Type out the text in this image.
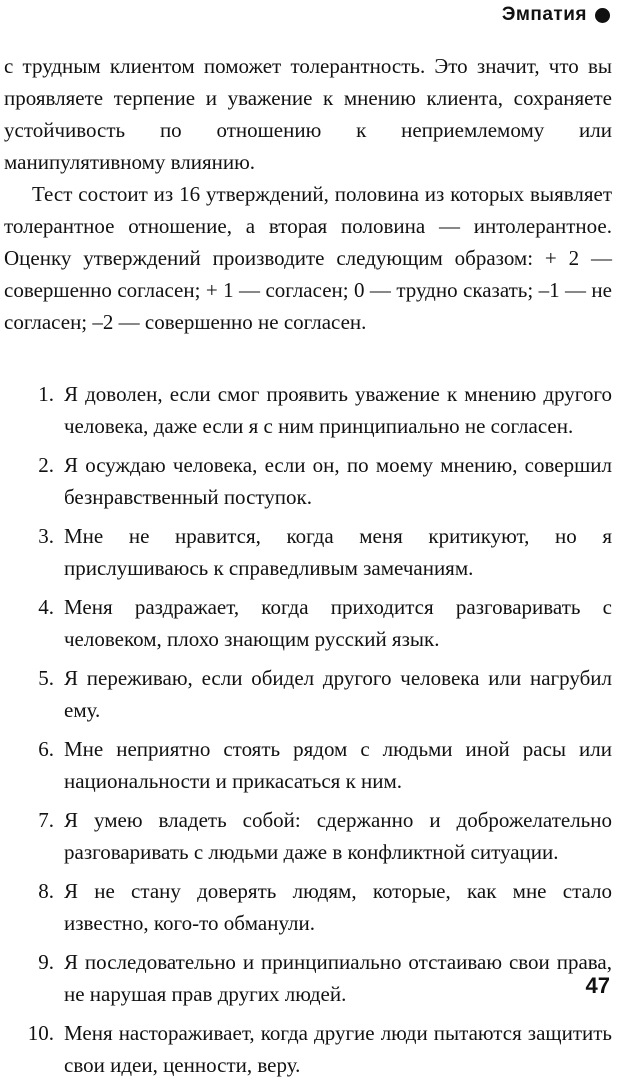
Эмпатия

с трудным клиентом поможет толерантность. Это значит, что вы проявляете терпение и уважение к мнению клиента, сохраняете устойчивость по отношению к неприемлемому или манипулятивному влиянию.

Тест состоит из 16 утверждений, половина из которых выявляет толерантное отношение, а вторая половина — интолерантное. Оценку утверждений производите следующим образом: + 2 — совершенно согласен; + 1 — согласен; 0 — трудно сказать; –1 — не согласен; –2 — совершенно не согласен.

1. Я доволен, если смог проявить уважение к мнению другого человека, даже если я с ним принципиально не согласен.
2. Я осуждаю человека, если он, по моему мнению, совершил безнравственный поступок.
3. Мне не нравится, когда меня критикуют, но я прислушиваюсь к справедливым замечаниям.
4. Меня раздражает, когда приходится разговаривать с человеком, плохо знающим русский язык.
5. Я переживаю, если обидел другого человека или нагрубил ему.
6. Мне неприятно стоять рядом с людьми иной расы или национальности и прикасаться к ним.
7. Я умею владеть собой: сдержанно и доброжелательно разговаривать с людьми даже в конфликтной ситуации.
8. Я не стану доверять людям, которые, как мне стало известно, кого-то обманули.
9. Я последовательно и принципиально отстаиваю свои права, не нарушая прав других людей.
10. Меня настораживает, когда другие люди пытаются защитить свои идеи, ценности, веру.
47
